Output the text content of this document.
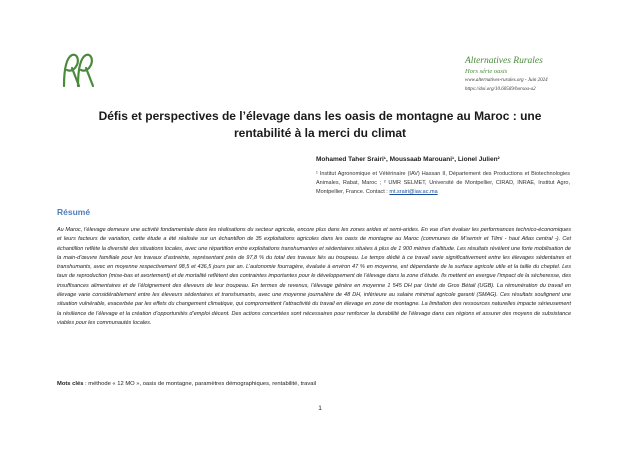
Alternatives Rurales
Hors série oasis
www.alternatives-rurales.org - Juin 2024
https://doi.org/10.60569/horsoa-a2
Défis et perspectives de l’élevage dans les oasis de montagne au Maroc : une rentabilité à la merci du climat
Mohamed Taher Srairi¹, Moussaab Marouani¹, Lionel Julien²
¹ Institut Agronomique et Vétérinaire (IAV) Hassan II, Département des Productions et Biotechnologies Animales, Rabat, Maroc ; ² UMR SELMET, Université de Montpellier, CIRAD, INRAE, Institut Agro, Montpellier, France. Contact : mt.srairi@iav.ac.ma
Résumé
Au Maroc, l’élevage demeure une activité fondamentale dans les réalisations du secteur agricole, encore plus dans les zones arides et semi-arides. En vue d’en évaluer les performances technico-économiques et leurs facteurs de variation, cette étude a été réalisée sur un échantillon de 35 exploitations agricoles dans les oasis de montagne au Maroc (communes de M’semrir et Tilmi - haut Atlas central -). Cet échantillon reflète la diversité des situations locales, avec une répartition entre exploitations transhumantes et sédentaires situées à plus de 1 900 mètres d’altitude. Les résultats révèlent une forte mobilisation de la main-d’œuvre familiale pour les travaux d’astreinte, représentant près de 97,8 % du total des travaux liés au troupeau. Le temps dédié à ce travail varie significativement entre les élevages sédentaires et transhumants, avec en moyenne respectivement 98,5 et 436,5 jours par an. L’autonomie fourragère, évaluée à environ 47 % en moyenne, est dépendante de la surface agricole utile et la taille du cheptel. Les taux de reproduction (mise-bas et avortement) et de mortalité reflètent des contraintes importantes pour le développement de l’élevage dans la zone d’étude. Ils mettent en exergue l’impact de la sécheresse, des insuffisances alimentaires et de l’éloignement des éleveurs de leur troupeau. En termes de revenus, l’élevage génère en moyenne 1 545 DH par Unité de Gros Bétail (UGB). La rémunération du travail en élevage varie considérablement entre les éleveurs sédentaires et transhumants, avec une moyenne journalière de 48 DH, inférieure au salaire minimal agricole garanti (SMAG). Ces résultats soulignent une situation vulnérable, exacerbée par les effets du changement climatique, qui compromettent l’attractivité du travail en élevage en zone de montagne. La limitation des ressources naturelles impacte sérieusement la résilience de l’élevage et la création d’opportunités d’emploi décent. Des actions concertées sont nécessaires pour renforcer la durabilité de l’élevage dans ces régions et assurer des moyens de subsistance viables pour les communautés locales.
Mots clés : méthode « 12 MO », oasis de montagne, paramètres démographiques, rentabilité, travail
1
